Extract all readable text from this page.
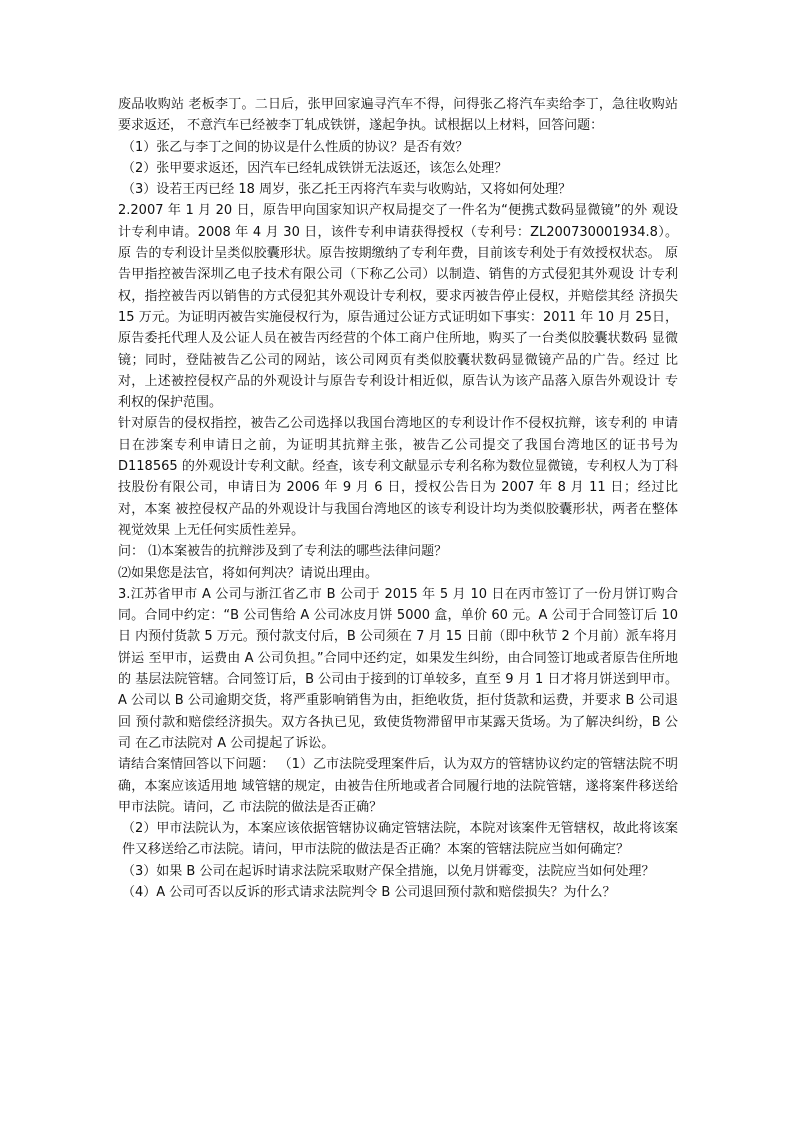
废品收购站 老板李丁。二日后，张甲回家遍寻汽车不得，问得张乙将汽车卖给李丁，急往收购站要求返还， 不意汽车已经被李丁轧成铁饼，遂起争执。试根据以上材料，回答问题：

（1）张乙与李丁之间的协议是什么性质的协议？是否有效？

（2）张甲要求返还，因汽车已经轧成铁饼无法返还，该怎么处理？

（3）设若王丙已经 18 周岁，张乙托王丙将汽车卖与收购站，又将如何处理？

2.2007 年 1 月 20 日，原告甲向国家知识产权局提交了一件名为“便携式数码显微镜”的外 观设计专利申请。2008 年 4 月 30 日，该件专利申请获得授权（专利号：ZL200730001934.8）。原 告的专利设计呈类似胶囊形状。原告按期缴纳了专利年费，目前该专利处于有效授权状态。 原告甲指控被告深圳乙电子技术有限公司（下称乙公司）以制造、销售的方式侵犯其外观设 计专利权，指控被告丙以销售的方式侵犯其外观设计专利权，要求丙被告停止侵权，并赔偿其经 济损失 15 万元。为证明丙被告实施侵权行为，原告通过公证方式证明如下事实：2011 年 10 月 25日，原告委托代理人及公证人员在被告丙经营的个体工商户住所地，购买了一台类似胶囊状数码 显微镜；同时，登陆被告乙公司的网站，该公司网页有类似胶囊状数码显微镜产品的广告。经过 比对，上述被控侵权产品的外观设计与原告专利设计相近似，原告认为该产品落入原告外观设计 专利权的保护范围。

针对原告的侵权指控，被告乙公司选择以我国台湾地区的专利设计作不侵权抗辩，该专利的 申请日在涉案专利申请日之前，为证明其抗辩主张，被告乙公司提交了我国台湾地区的证书号为 D118565 的外观设计专利文献。经查，该专利文献显示专利名称为数位显微镜，专利权人为丁科 技股份有限公司，申请日为 2006 年 9 月 6 日，授权公告日为 2007 年 8 月 11 日；经过比对，本案 被控侵权产品的外观设计与我国台湾地区的该专利设计均为类似胶囊形状，两者在整体视觉效果 上无任何实质性差异。

问： ⑴本案被告的抗辩涉及到了专利法的哪些法律问题？

⑵如果您是法官，将如何判决？请说出理由。

3.江苏省甲市 A 公司与浙江省乙市 B 公司于 2015 年 5 月 10 日在丙市签订了一份月饼订购合 同。合同中约定：“B 公司售给 A 公司冰皮月饼 5000 盒，单价 60 元。A 公司于合同签订后 10 日 内预付货款 5 万元。预付款支付后，B 公司须在 7 月 15 日前（即中秋节 2 个月前）派车将月饼运 至甲市，运费由 A 公司负担。”合同中还约定，如果发生纠纷，由合同签订地或者原告住所地的 基层法院管辖。合同签订后，B 公司由于接到的订单较多，直至 9 月 1 日才将月饼送到甲市。A 公司以 B 公司逾期交货，将严重影响销售为由，拒绝收货，拒付货款和运费，并要求 B 公司退回 预付款和赔偿经济损失。双方各执已见，致使货物滞留甲市某露天货场。为了解决纠纷，B 公司 在乙市法院对 A 公司提起了诉讼。

请结合案情回答以下问题： （1）乙市法院受理案件后，认为双方的管辖协议约定的管辖法院不明确，本案应该适用地 域管辖的规定，由被告住所地或者合同履行地的法院管辖，遂将案件移送给甲市法院。请问，乙 市法院的做法是否正确？

（2）甲市法院认为，本案应该依据管辖协议确定管辖法院，本院对该案件无管辖权，故此将该案件又移送给乙市法院。请问，甲市法院的做法是否正确？本案的管辖法院应当如何确定？

（3）如果 B 公司在起诉时请求法院采取财产保全措施，以免月饼霉变，法院应当如何处理？

（4）A 公司可否以反诉的形式请求法院判令 B 公司退回预付款和赔偿损失？为什么？
